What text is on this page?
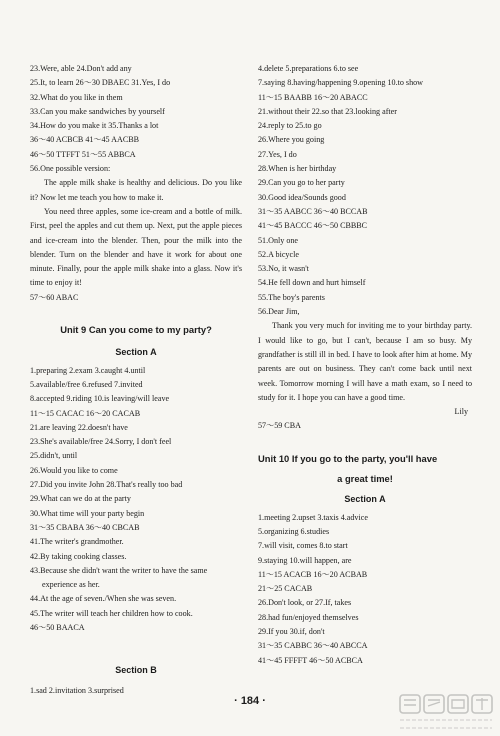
23.Were, able 24.Don't add any
25.It, to learn 26～30 DBAEC 31.Yes, I do
32.What do you like in them
33.Can you make sandwiches by yourself
34.How do you make it 35.Thanks a lot
36～40 ACBCB 41～45 AACBB
46～50 TTFFT 51～55 ABBCA
56.One possible version:
The apple milk shake is healthy and delicious. Do you like it? Now let me teach you how to make it.
You need three apples, some ice-cream and a bottle of milk. First, peel the apples and cut them up. Next, put the apple pieces and ice-cream into the blender. Then, pour the milk into the blender. Turn on the blender and have it work for about one minute. Finally, pour the apple milk shake into a glass. Now it's time to enjoy it!
57～60 ABAC
Unit 9 Can you come to my party?
Section A
1.preparing 2.exam 3.caught 4.until
5.available/free 6.refused 7.invited
8.accepted 9.riding 10.is leaving/will leave
11～15 CACAC 16～20 CACAB
21.are leaving 22.doesn't have
23.She's available/free 24.Sorry, I don't feel
25.didn't, until
26.Would you like to come
27.Did you invite John 28.That's really too bad
29.What can we do at the party
30.What time will your party begin
31～35 CBABA 36～40 CBCAB
41.The writer's grandmother.
42.By taking cooking classes.
43.Because she didn't want the writer to have the same
experience as her.
44.At the age of seven./When she was seven.
45.The writer will teach her children how to cook.
46～50 BAACA
Section B
1.sad 2.invitation 3.surprised
4.delete 5.preparations 6.to see
7.saying 8.having/happening 9.opening 10.to show
11～15 BAABB 16～20 ABACC
21.without their 22.so that 23.looking after
24.reply to 25.to go
26.Where you going
27.Yes, I do
28.When is her birthday
29.Can you go to her party
30.Good idea/Sounds good
31～35 AABCC 36～40 BCCAB
41～45 BACCC 46～50 CBBBC
51.Only one
52.A bicycle
53.No, it wasn't
54.He fell down and hurt himself
55.The boy's parents
56.Dear Jim,
Thank you very much for inviting me to your birthday party. I would like to go, but I can't, because I am so busy. My grandfather is still ill in bed. I have to look after him at home. My parents are out on business. They can't come back until next week. Tomorrow morning I will have a math exam, so I need to study for it. I hope you can have a good time.
Lily
57～59 CBA
Unit 10 If you go to the party, you'll have
a great time!
Section A
1.meeting 2.upset 3.taxis 4.advice
5.organizing 6.studies
7.will visit, comes 8.to start
9.staying 10.will happen, are
11～15 ACACB 16～20 ACBAB
21～25 CACAB
26.Don't look, or 27.If, takes
28.had fun/enjoyed themselves
29.If you 30.if, don't
31～35 CABBC 36～40 ABCCA
41～45 FFFFT 46～50 ACBCA
· 184 ·
